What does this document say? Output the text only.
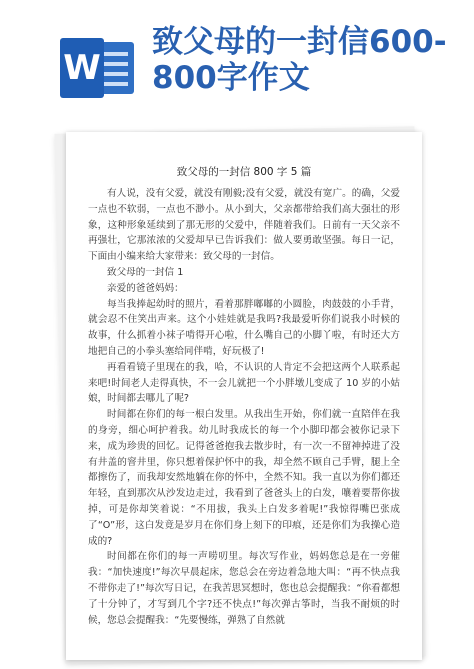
W
致父母的一封信600-800字作文
致父母的一封信 800 字 5 篇

有人说，没有父爱，就没有刚毅;没有父爱，就没有宽广。的确，父爱一点也不软弱，一点也不渺小。从小到大，父亲都带给我们高大强壮的形象，这种形象延续到了那无形的父爱中，伴随着我们。日前有一天父亲不再强壮，它那浓浓的父爱却早已告诉我们：做人要勇敢坚强。每日一记，下面由小编来给大家带来：致父母的一封信。

致父母的一封信 1

亲爱的爸爸妈妈：

每当我捧起幼时的照片，看着那胖嘟嘟的小圆脸，肉鼓鼓的小手背，就会忍不住笑出声来。这个小娃娃就是我吗?我最爱听你们说我小时候的故事，什么抓着小袜子啃得开心啦，什么嘴自己的小脚丫啦，有时还大方地把自己的小拳头塞给同伴啃，好玩极了!

再看看镜子里现在的我，哈，不认识的人肯定不会把这两个人联系起来吧!时间老人走得真快，不一会儿就把一个小胖墩儿变成了 10 岁的小姑娘，时间都去哪儿了呢?

时间都在你们的每一根白发里。从我出生开始，你们就一直陪伴在我的身旁，细心呵护着我。幼儿时我成长的每一个小脚印都会被你记录下来，成为珍贵的回忆。记得爸爸抱我去散步时，有一次一不留神掉进了没有井盖的窨井里，你只想着保护怀中的我，却全然不顾自己手臂，腿上全都擦伤了，而我却安然地躺在你的怀中，全然不知。我一直以为你们都还年轻，直到那次从沙发边走过，我看到了爸爸头上的白发，嚷着要帮你拔掉，可是你却笑着说：“不用拔，我头上白发多着呢!”我惊得嘴巴张成了“O”形，这白发竟是岁月在你们身上刻下的印痕，还是你们为我操心造成的?

时间都在你们的每一声唠叨里。每次写作业，妈妈您总是在一旁催我：“加快速度!”每次早晨起床，您总会在旁边着急地大叫：“再不快点我不带你走了!”每次写日记，在我苦思冥想时，您也总会提醒我：“你看都想了十分钟了，才写到几个字?还不快点!”每次弹古筝时，当我不耐烦的时候，您总会提醒我：“先要慢练，弹熟了自然就
